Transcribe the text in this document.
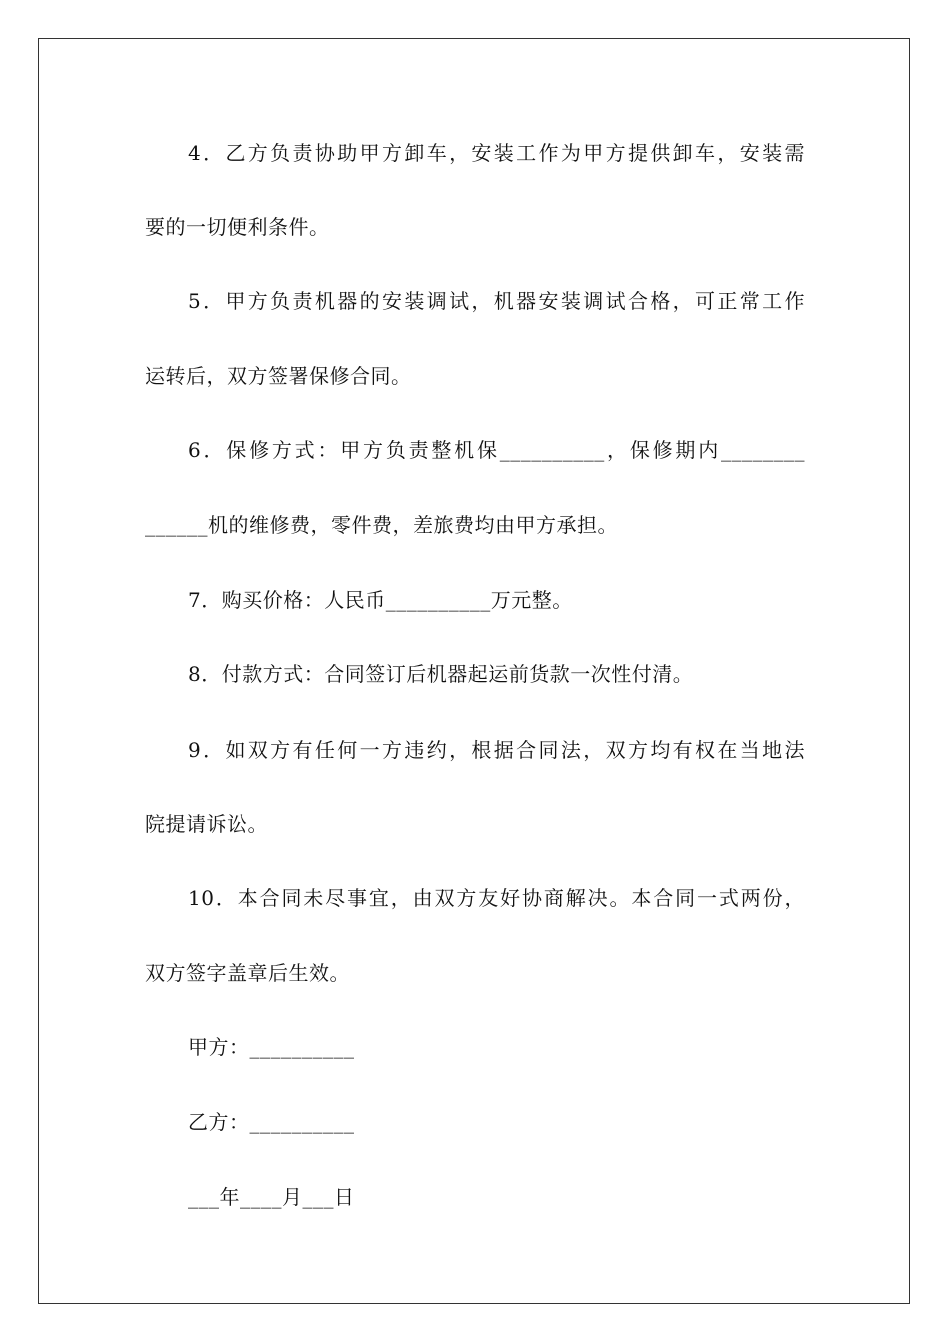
4．乙方负责协助甲方卸车，安装工作为甲方提供卸车，安装需
要的一切便利条件。
5．甲方负责机器的安装调试，机器安装调试合格，可正常工作
运转后，双方签署保修合同。
6．保修方式：甲方负责整机保__________，保修期内________
______机的维修费，零件费，差旅费均由甲方承担。
7．购买价格：人民币__________万元整。
8．付款方式：合同签订后机器起运前货款一次性付清。
9．如双方有任何一方违约，根据合同法，双方均有权在当地法
院提请诉讼。
10．本合同未尽事宜，由双方友好协商解决。本合同一式两份，
双方签字盖章后生效。
甲方：__________
乙方：__________
___年____月___日
